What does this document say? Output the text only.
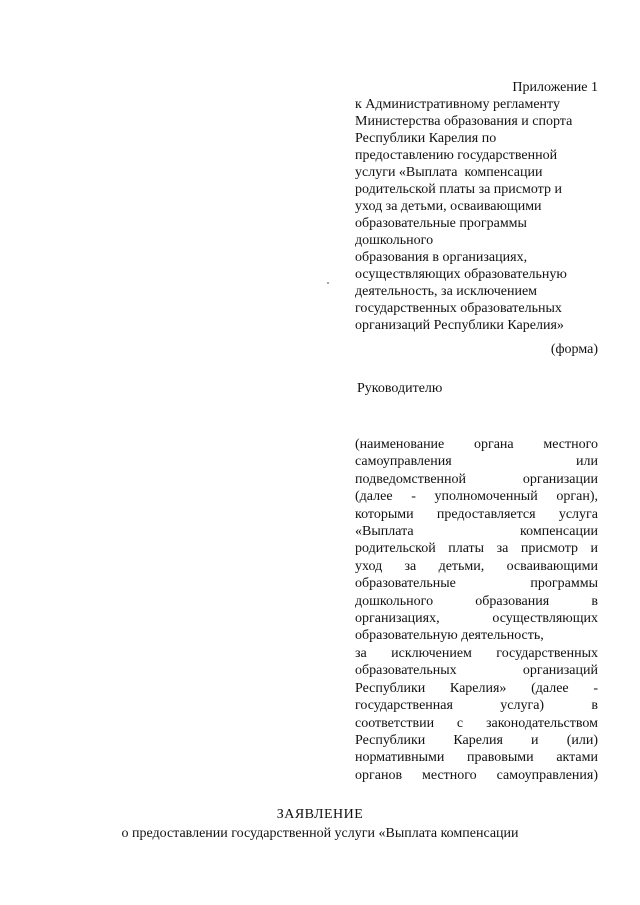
Приложение 1
к Административному регламенту
Министерства образования и спорта
Республики Карелия по
предоставлению государственной
услуги «Выплата  компенсации
родительской платы за присмотр и
уход за детьми, осваивающими
образовательные программы
дошкольного
образования в организациях,
осуществляющих образовательную
деятельность, за исключением
государственных образовательных
организаций Республики Карелия»
(форма)
Руководителю
(наименование органа местного
самоуправления или
подведомственной организации
(далее - уполномоченный орган),
которыми предоставляется услуга
«Выплата компенсации
родительской платы за присмотр и
уход за детьми, осваивающими
образовательные программы
дошкольного образования в
организациях, осуществляющих
образовательную деятельность,
за исключением государственных
образовательных организаций
Республики Карелия» (далее -
государственная услуга) в
соответствии с законодательством
Республики Карелия и (или)
нормативными правовыми актами
органов местного самоуправления)
ЗАЯВЛЕНИЕ
о предоставлении государственной услуги «Выплата компенсации
